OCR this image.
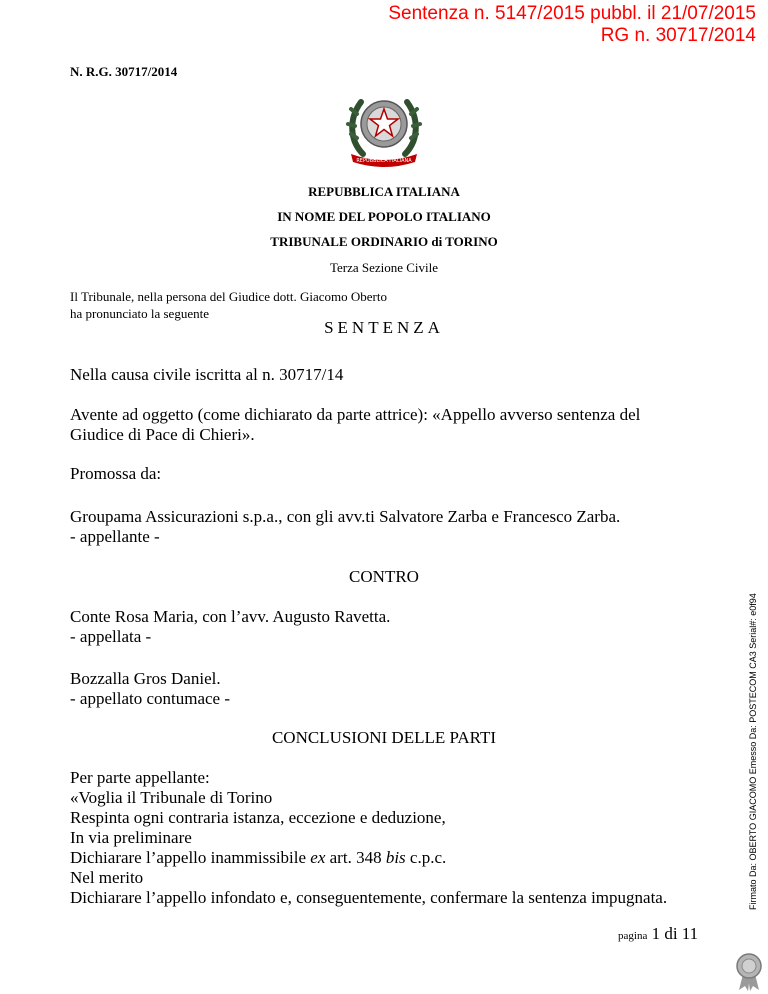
Sentenza n. 5147/2015 pubbl. il 21/07/2015
RG n. 30717/2014
N. R.G. 30717/2014
REPUBBLICA ITALIANA
REPUBBLICA ITALIANA
IN NOME DEL POPOLO ITALIANO
TRIBUNALE ORDINARIO di TORINO
Terza Sezione Civile
Il Tribunale, nella persona del Giudice dott. Giacomo Oberto
ha pronunciato la seguente
SENTENZA
Nella causa civile iscritta al n. 30717/14
Avente ad oggetto (come dichiarato da parte attrice): «Appello avverso sentenza del
Giudice di Pace di Chieri».
Promossa da:
Groupama Assicurazioni s.p.a., con gli avv.ti Salvatore Zarba e Francesco Zarba.
- appellante -
CONTRO
Conte Rosa Maria, con l’avv. Augusto Ravetta.
- appellata -
Bozzalla Gros Daniel.
- appellato contumace -
CONCLUSIONI DELLE PARTI
Per parte appellante:
«Voglia il Tribunale di Torino
Respinta ogni contraria istanza, eccezione e deduzione,
In via preliminare
Dichiarare l’appello inammissibile ex art. 348 bis c.p.c.
Nel merito
Dichiarare l’appello infondato e, conseguentemente, confermare la sentenza impugnata.
pagina 1 di 11
Firmato Da: OBERTO GIACOMO Emesso Da: POSTECOM CA3 Serial#: e0f94
